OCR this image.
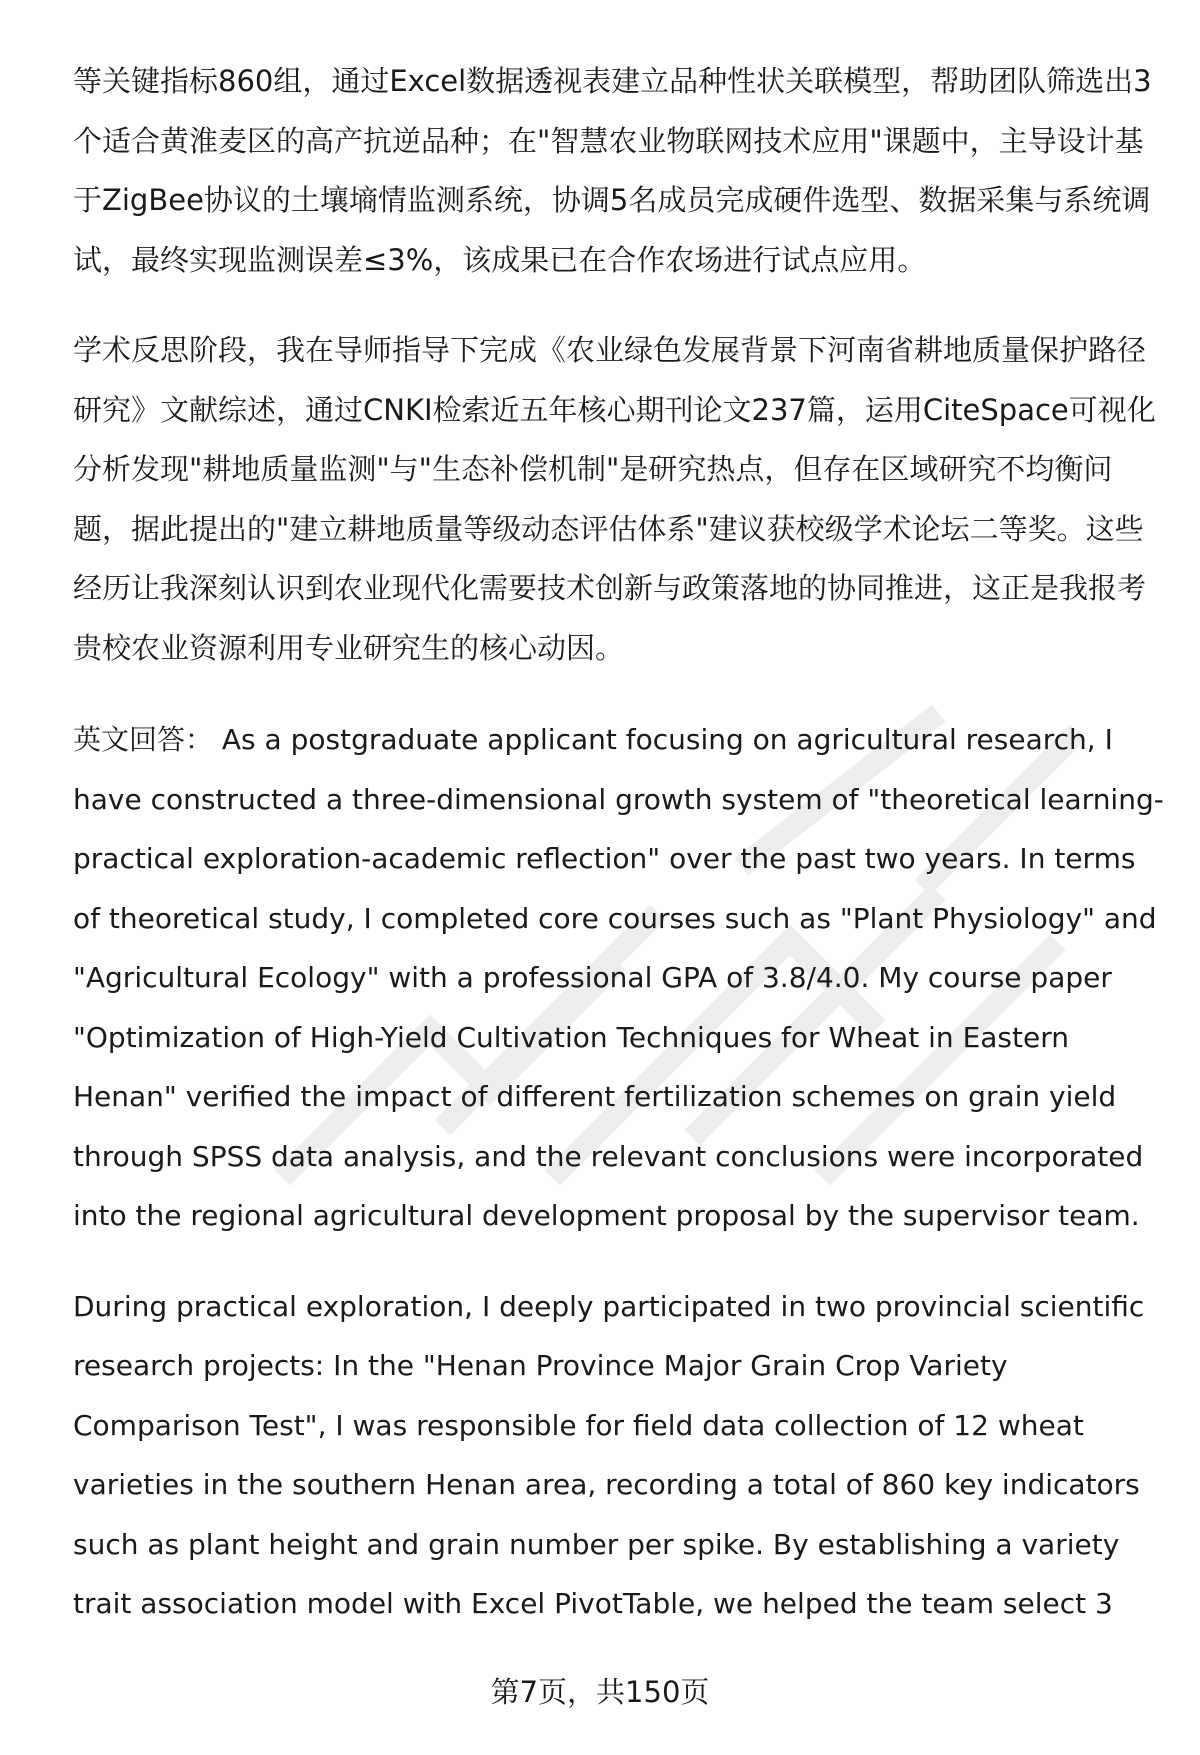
等关键指标860组，通过Excel数据透视表建立品种性状关联模型，帮助团队筛选出3个适合黄淮麦区的高产抗逆品种；在"智慧农业物联网技术应用"课题中，主导设计基于ZigBee协议的土壤墒情监测系统，协调5名成员完成硬件选型、数据采集与系统调试，最终实现监测误差≤3%，该成果已在合作农场进行试点应用。

学术反思阶段，我在导师指导下完成《农业绿色发展背景下河南省耕地质量保护路径研究》文献综述，通过CNKI检索近五年核心期刊论文237篇，运用CiteSpace可视化分析发现"耕地质量监测"与"生态补偿机制"是研究热点，但存在区域研究不均衡问题，据此提出的"建立耕地质量等级动态评估体系"建议获校级学术论坛二等奖。这些经历让我深刻认识到农业现代化需要技术创新与政策落地的协同推进，这正是我报考贵校农业资源利用专业研究生的核心动因。

英文回答： As a postgraduate applicant focusing on agricultural research, I have constructed a three-dimensional growth system of "theoretical learning-practical exploration-academic reflection" over the past two years. In terms of theoretical study, I completed core courses such as "Plant Physiology" and "Agricultural Ecology" with a professional GPA of 3.8/4.0. My course paper "Optimization of High-Yield Cultivation Techniques for Wheat in Eastern Henan" verified the impact of different fertilization schemes on grain yield through SPSS data analysis, and the relevant conclusions were incorporated into the regional agricultural development proposal by the supervisor team.

During practical exploration, I deeply participated in two provincial scientific research projects: In the "Henan Province Major Grain Crop Variety Comparison Test", I was responsible for field data collection of 12 wheat varieties in the southern Henan area, recording a total of 860 key indicators such as plant height and grain number per spike. By establishing a variety trait association model with Excel PivotTable, we helped the team select 3

第7页，共150页
